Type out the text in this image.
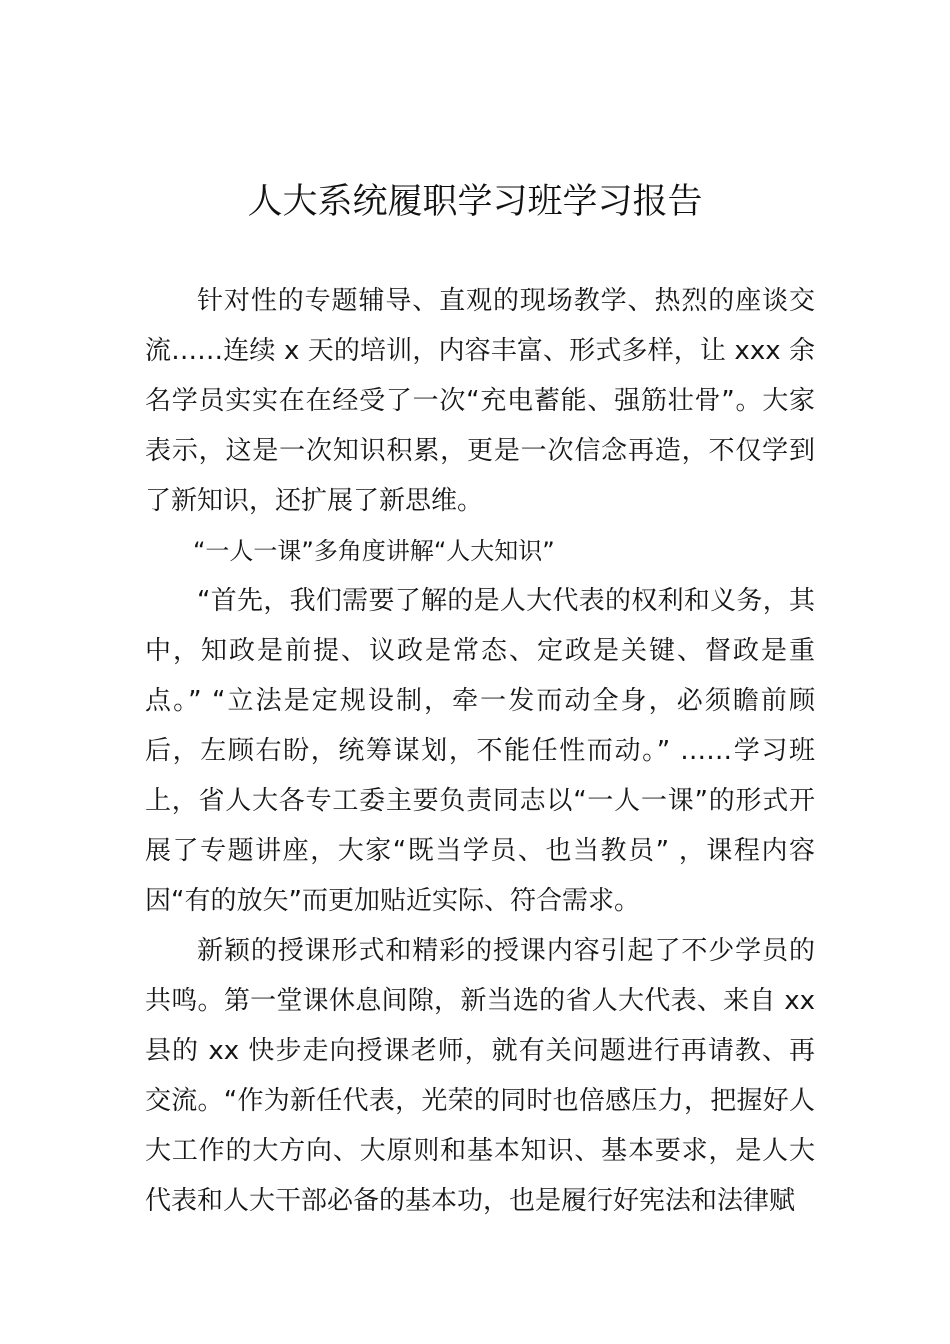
人大系统履职学习班学习报告

针对性的专题辅导、直观的现场教学、热烈的座谈交流……连续 x 天的培训，内容丰富、形式多样，让 xxx 余名学员实实在在经受了一次“充电蓄能、强筋壮骨”。大家表示，这是一次知识积累，更是一次信念再造，不仅学到了新知识，还扩展了新思维。

“一人一课”多角度讲解“人大知识”

“首先，我们需要了解的是人大代表的权利和义务，其中，知政是前提、议政是常态、定政是关键、督政是重点。” “立法是定规设制，牵一发而动全身，必须瞻前顾后，左顾右盼，统筹谋划，不能任性而动。” ……学习班上，省人大各专工委主要负责同志以“一人一课”的形式开展了专题讲座，大家“既当学员、也当教员” ，课程内容因“有的放矢”而更加贴近实际、符合需求。

新颖的授课形式和精彩的授课内容引起了不少学员的共鸣。第一堂课休息间隙，新当选的省人大代表、来自 xx 县的 xx 快步走向授课老师，就有关问题进行再请教、再交流。“作为新任代表，光荣的同时也倍感压力，把握好人大工作的大方向、大原则和基本知识、基本要求，是人大代表和人大干部必备的基本功，也是履行好宪法和法律赋
